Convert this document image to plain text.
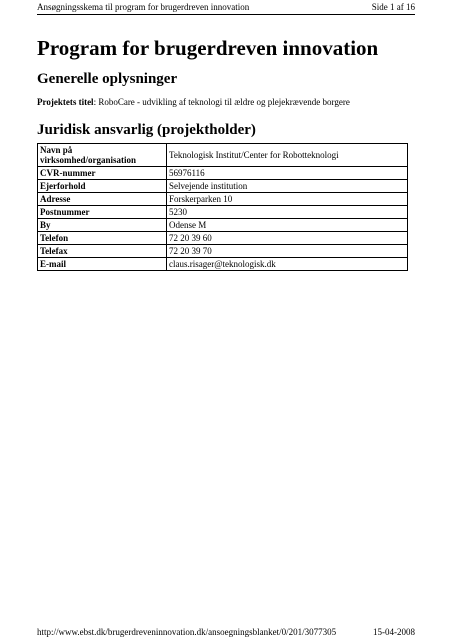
Ansøgningsskema til program for brugerdreven innovation	Side 1 af 16
Program for brugerdreven innovation
Generelle oplysninger
Projektets titel: RoboCare - udvikling af teknologi til ældre og plejekrævende borgere
Juridisk ansvarlig (projektholder)
Navn på virksomhed/organisation	Teknologisk Institut/Center for Robotteknologi
CVR-nummer	56976116
Ejerforhold	Selvejende institution
Adresse	Forskerparken 10
Postnummer	5230
By	Odense M
Telefon	72 20 39 60
Telefax	72 20 39 70
E-mail	claus.risager@teknologisk.dk
http://www.ebst.dk/brugerdreveninnovation.dk/ansoegningsblanket/0/201/3077305	15-04-2008
